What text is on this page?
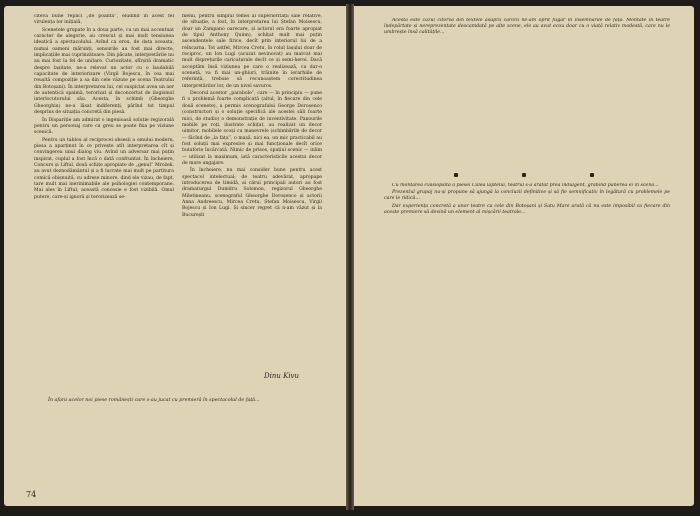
cîteva bune replici „de poantă”, eludînd în acest fel virulența lor inițială.

Scenetele grupate în a doua parte, cu un mai accentuat caracter de alegorie, au crescut și mai mult tensiunea ideatică a spectacolului. Avînd ca erou, de data aceasta, numai oameni mărunți, sensurile au fost mai directe, implicațiile mai cuprinzătoare. Din păcate, interpretările nu au mai fost la fel de unitare. Curiozitate, sfîrșită dramatic despre lașitate, ne-a relevat un actor cu o laudabilă capacitate de interiorizare (Virgil Bojescu, în cea mai reușită compoziție a sa din cele văzute pe scena Teatrului din Botoșani). În interpretarea lui, cel suspiciat avea un aer de autentică spaimă, terorizat și deconcertat de ilogismul interlocutorului său. Acesta, în schimb (Gheorghe Gheorghiu) ne-a lăsat indiferenți, părînd tot timpul desprins de situația concretă din piesă.

În Dispariție am admirat o ingenioasă soluție regizorală pentru un personaj care cu greu se poate fixa pe viziune scenică.

Pentru un tablou al reciprocei obsesii a omului modern, piesa a aparținut în ce privește atît interpretarea cît și convingerea unui dialog viu. Avînd un adversar mai puțin inspirat, cuplul a fost încă o dată confruntat. În încheiere, Concurs și Liftul, două schițe apropiate de „genul” Mrożek, au avut deznodământul și a fi lucrate mai mult pe partitura comică obișnuită, cu adrese minore, dind ele vizau, de fapt, tare mult mai inerinimabile ale psihologiei contemporane. Mai ales în Liftul, această concesie e fost vizibilă. Omul putere, care-și ignoră și terorizează se-

menii, pentru simplul temei al superiorității sale relative, de situație, a fost, în interpretarea lui Ștefan Moisescu, doar un Zampano oarecare, și actorul era foarte apropiat de tipul Anthony Quinn), schițat mult mai puțin ascendentele sale firice, decît prin interiorul lui de a reîncarna. Tot astfel, Mircea Cretu, în rolul lașului doar de reciproc, un Ion Lugi (acuzat nevinovat) au marcat mai mult disprețurile caricaturale decît ce și semi-heroi. Dacă acceptăm însă viziunea pe care o realizează, cu dar-o scenetă, va fi mai un-ghiuri, trăinite în ierarhiile de referință, trebuie să recunoaștem corectitudinea interpretărilor lor, de un nivel savuros.

Decorul acestor „parabole”, care — în principiu — pune fi o problemă foarte complicată (altul, în fiecare din cele două scenete), a permis scenografului George Doroșenco (constructori și o soluție specifică ale acestei săli foarte mici, de studio) o demonstrație de inventivitate. Panourile mobile pe roți, ilustrate schițat, au realizat un decor uimitor, mobilele scoși cu manevrele (schimbările de decor — făcînd de „la fața”, o mașă, nici ea, un mic practicabil au fost soluții mai expresive și mai funcționale decît orice butaforie încărcată. Nimic de prisos, spațiul scenic — inlim — utilizat la maximum, iată caracteristicile acestui decor de mare angajare.

În încheiere, nu mai consider bune pentru acest spectacol intelectual; de teatru adevărat, apropape introducerea de timidă, ai cărui principali autori au fost dramaturgul Dumitru Solomon, regizorul Gheorghe Miletineanu, scenograful Gheorghe Doroșenco și actorii Anna Andreescu, Mircea Cretu, Ștefan Moisescu, Virgil Bojescu și Ion Lugi. Și sincer regret că n-am văzut și la București

Dinu Kivu
În afara acelor noi piese românești care s-au jucat cu premieră în spectacolul de față...
74

Acesta este cazul cîtorva din textele asupra cărora ne-am oprit fugar în însemnările de față. Montate în teatre îndepărtate și nereprezentate deocamdată pe alte scene, ele au avut ecou doar cu o viață relativ modestă, care nu le umbrește însă calitățile...

Cu montarea cvasiopsită a piesei Calea laptelui, teatrul s-a arătat prea indulgent, grăbind punerea ei în scenă...

Prezentul grupaj nu-și propune să ajungă la concluzii definitive și să fie semnificativ în legătură cu problemele pe care le ridică...

Dar experiența concretă a unor teatre ca cele din Botoșani și Satu Mare arată că nu este imposibil ca fiecare din aceste premiere să devină un element al mișcării teatrale...
